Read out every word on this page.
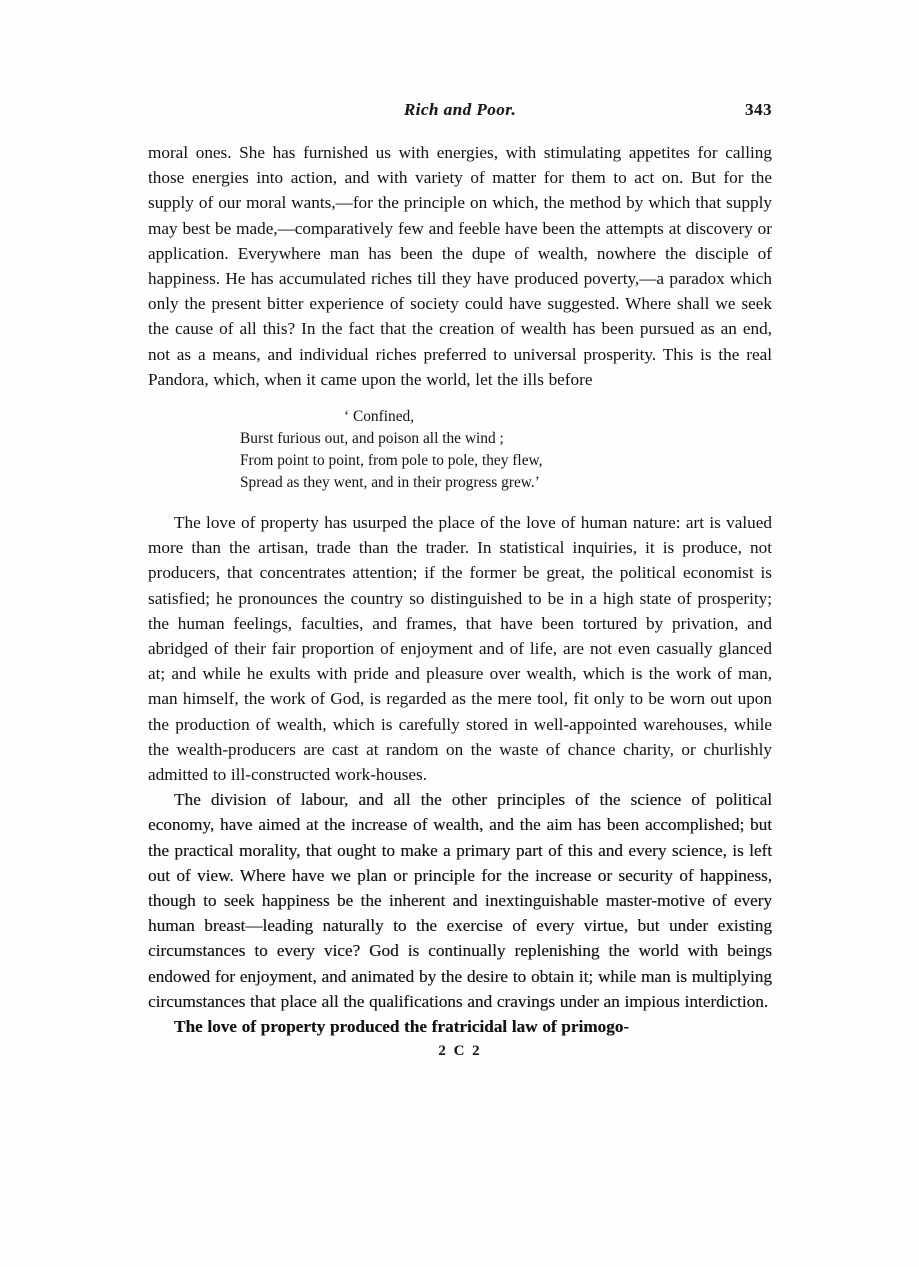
Rich and Poor.	343

moral ones. She has furnished us with energies, with stimulating appetites for calling those energies into action, and with variety of matter for them to act on. But for the supply of our moral wants,—for the principle on which, the method by which that supply may best be made,—comparatively few and feeble have been the attempts at discovery or application. Everywhere man has been the dupe of wealth, nowhere the disciple of happiness. He has accumulated riches till they have produced poverty,—a paradox which only the present bitter experience of society could have suggested. Where shall we seek the cause of all this? In the fact that the creation of wealth has been pursued as an end, not as a means, and individual riches preferred to universal prosperity. This is the real Pandora, which, when it came upon the world, let the ills before

‘ Confined,
Burst furious out, and poison all the wind ;
From point to point, from pole to pole, they flew,
Spread as they went, and in their progress grew.’

The love of property has usurped the place of the love of human nature: art is valued more than the artisan, trade than the trader. In statistical inquiries, it is produce, not producers, that concentrates attention; if the former be great, the political economist is satisfied; he pronounces the country so distinguished to be in a high state of prosperity; the human feelings, faculties, and frames, that have been tortured by privation, and abridged of their fair proportion of enjoyment and of life, are not even casually glanced at; and while he exults with pride and pleasure over wealth, which is the work of man, man himself, the work of God, is regarded as the mere tool, fit only to be worn out upon the production of wealth, which is carefully stored in well-appointed warehouses, while the wealth-producers are cast at random on the waste of chance charity, or churlishly admitted to ill-constructed work-houses.

The division of labour, and all the other principles of the science of political economy, have aimed at the increase of wealth, and the aim has been accomplished; but the practical morality, that ought to make a primary part of this and every science, is left out of view. Where have we plan or principle for the increase or security of happiness, though to seek happiness be the inherent and inextinguishable master-motive of every human breast—leading naturally to the exercise of every virtue, but under existing circumstances to every vice? God is continually replenishing the world with beings endowed for enjoyment, and animated by the desire to obtain it; while man is multiplying circumstances that place all the qualifications and cravings under an impious interdiction.

The love of property produced the fratricidal law of primogo-

2 C 2
